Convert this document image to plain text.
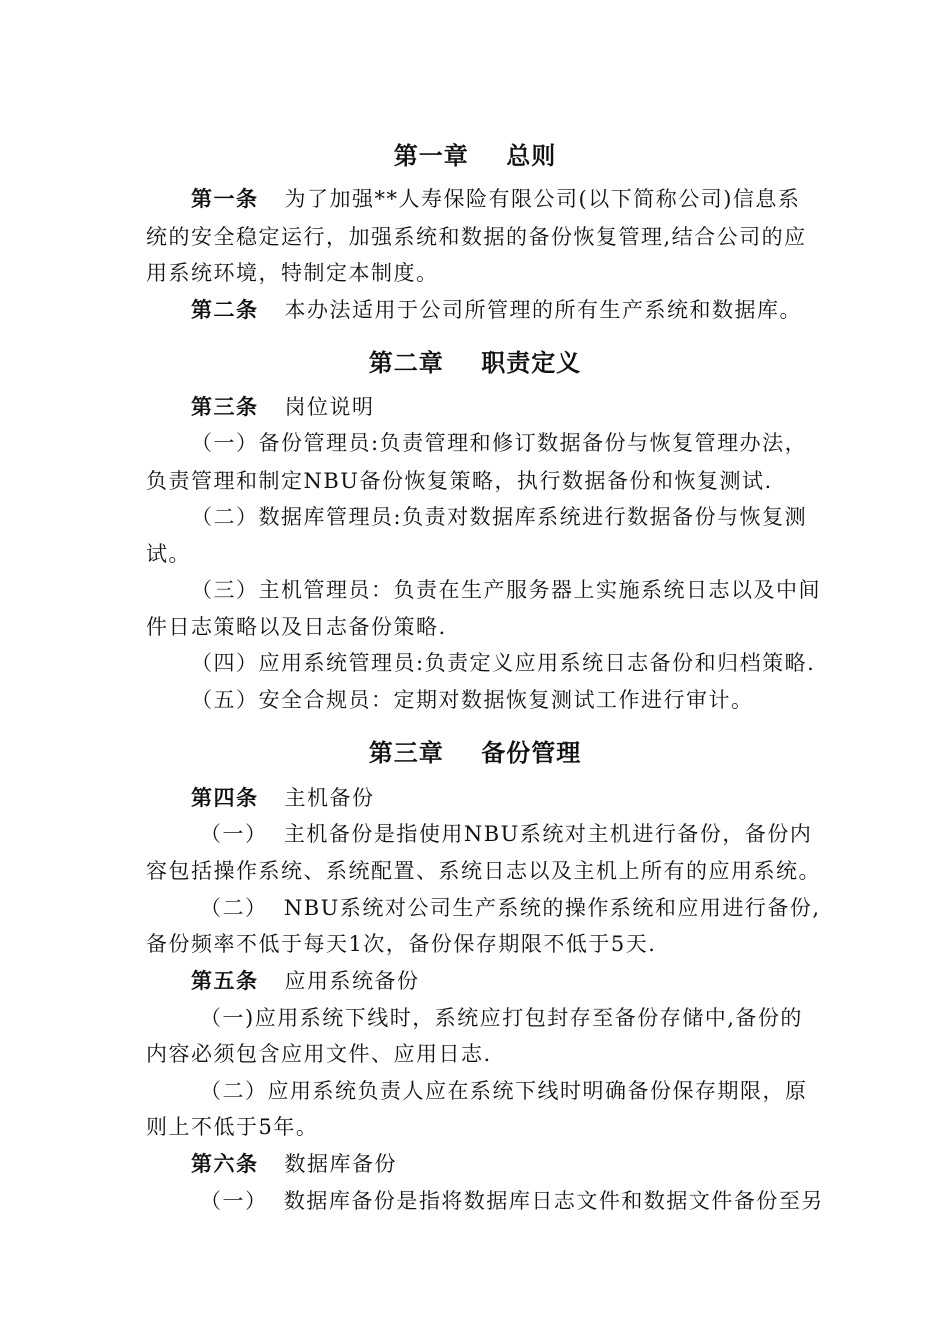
第一章 总则
第一条 为了加强**人寿保险有限公司(以下简称公司)信息系
统的安全稳定运行，加强系统和数据的备份恢复管理,结合公司的应
用系统环境，特制定本制度。
第二条 本办法适用于公司所管理的所有生产系统和数据库。
第二章 职责定义
第三条 岗位说明
（一）备份管理员:负责管理和修订数据备份与恢复管理办法，
负责管理和制定NBU备份恢复策略，执行数据备份和恢复测试.
（二）数据库管理员:负责对数据库系统进行数据备份与恢复测
试。
（三）主机管理员：负责在生产服务器上实施系统日志以及中间
件日志策略以及日志备份策略.
（四）应用系统管理员:负责定义应用系统日志备份和归档策略.
（五）安全合规员：定期对数据恢复测试工作进行审计。
第三章 备份管理
第四条 主机备份
（一）  主机备份是指使用NBU系统对主机进行备份，备份内
容包括操作系统、系统配置、系统日志以及主机上所有的应用系统。
（二）  NBU系统对公司生产系统的操作系统和应用进行备份,
备份频率不低于每天1次，备份保存期限不低于5天.
第五条 应用系统备份
（一)应用系统下线时，系统应打包封存至备份存储中,备份的
内容必须包含应用文件、应用日志.
（二）应用系统负责人应在系统下线时明确备份保存期限，原
则上不低于5年。
第六条 数据库备份
（一）  数据库备份是指将数据库日志文件和数据文件备份至另
